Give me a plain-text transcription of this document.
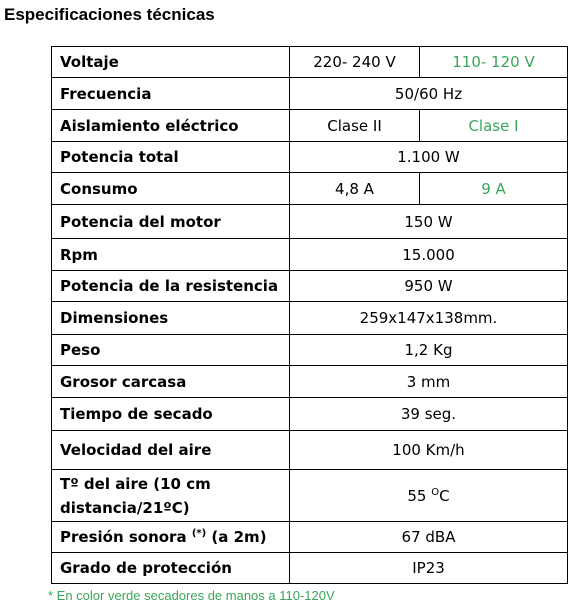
Especificaciones técnicas
Voltaje	220- 240 V	110- 120 V
Frecuencia	50/60 Hz	
Aislamiento eléctrico	Clase II	Clase I
Potencia total	1.100 W	
Consumo	4,8 A	9 A
Potencia del motor	150 W	
Rpm	15.000	
Potencia de la resistencia	950 W	
Dimensiones	259x147x138mm.	
Peso	1,2 Kg	
Grosor carcasa	3 mm	
Tiempo de secado	39 seg.	
Velocidad del aire	100 Km/h	
Tº del aire (10 cm distancia/21ºC)	55 $^O$C	
Presión sonora (*) (a 2m)	67 dBA	
Grado de protección	IP23	
* En color verde secadores de manos a 110-120V
